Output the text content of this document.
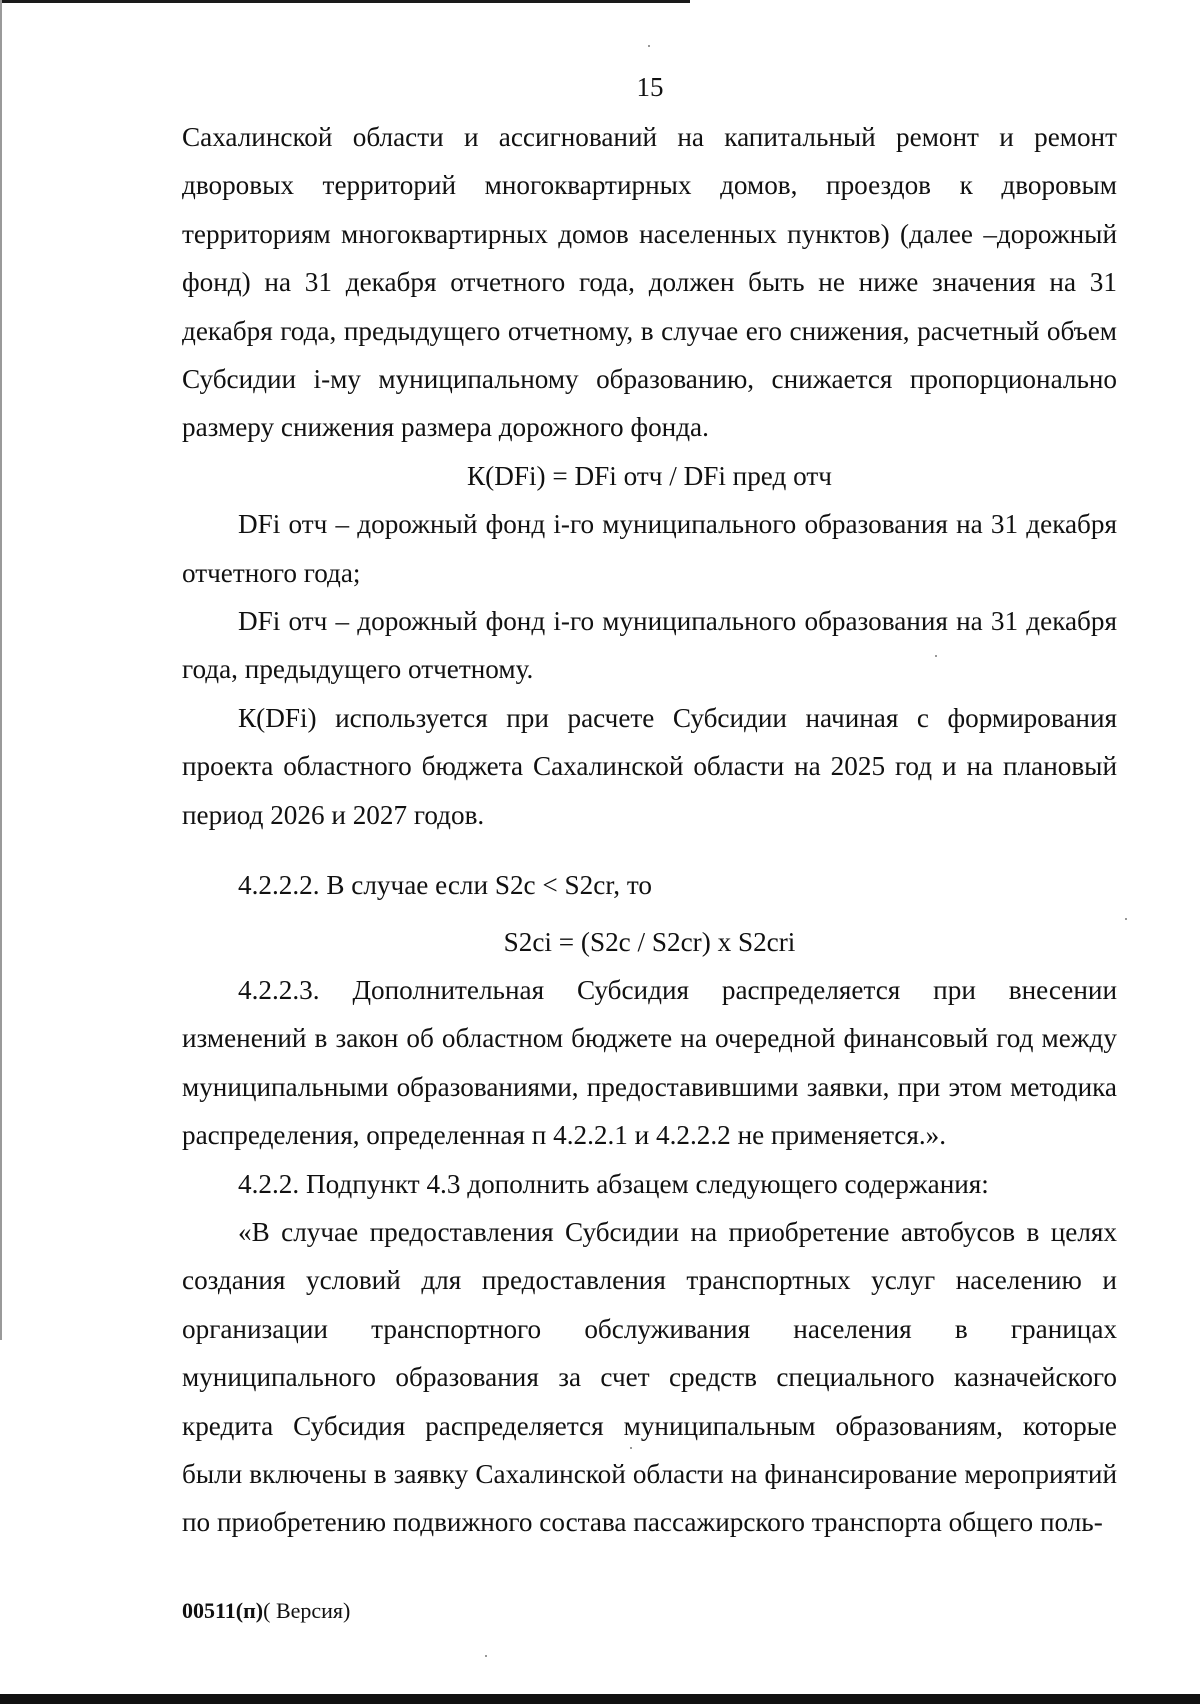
15

Сахалинской области и ассигнований на капитальный ремонт и ремонт дворовых территорий многоквартирных домов, проездов к дворовым территориям многоквартирных домов населенных пунктов) (далее –дорожный фонд) на 31 декабря отчетного года, должен быть не ниже значения на 31 декабря года, предыдущего отчетному, в случае его снижения, расчетный объем Субсидии i-му муниципальному образованию, снижается пропорционально размеру снижения размера дорожного фонда.

К(DFi) = DFi отч / DFi пред отч

DFi отч – дорожный фонд i-го муниципального образования на 31 декабря отчетного года;

DFi отч – дорожный фонд i-го муниципального образования на 31 декабря года, предыдущего отчетному.

К(DFi) используется при расчете Субсидии начиная с формирования проекта областного бюджета Сахалинской области на 2025 год и на плановый период 2026 и 2027 годов.

4.2.2.2. В случае если S2c < S2cr, то

S2ci = (S2c / S2cr) x S2cri

4.2.2.3. Дополнительная Субсидия распределяется при внесении изменений в закон об областном бюджете на очередной финансовый год между муниципальными образованиями, предоставившими заявки, при этом методика распределения, определенная п 4.2.2.1 и 4.2.2.2 не применяется.».

4.2.2. Подпункт 4.3 дополнить абзацем следующего содержания:

«В случае предоставления Субсидии на приобретение автобусов в целях создания условий для предоставления транспортных услуг населению и организации транспортного обслуживания населения в границах муниципального образования за счет средств специального казначейского кредита Субсидия распределяется муниципальным образованиям, которые были включены в заявку Сахалинской области на финансирование мероприятий по приобретению подвижного состава пассажирского транспорта общего поль-

00511(п)( Версия)
